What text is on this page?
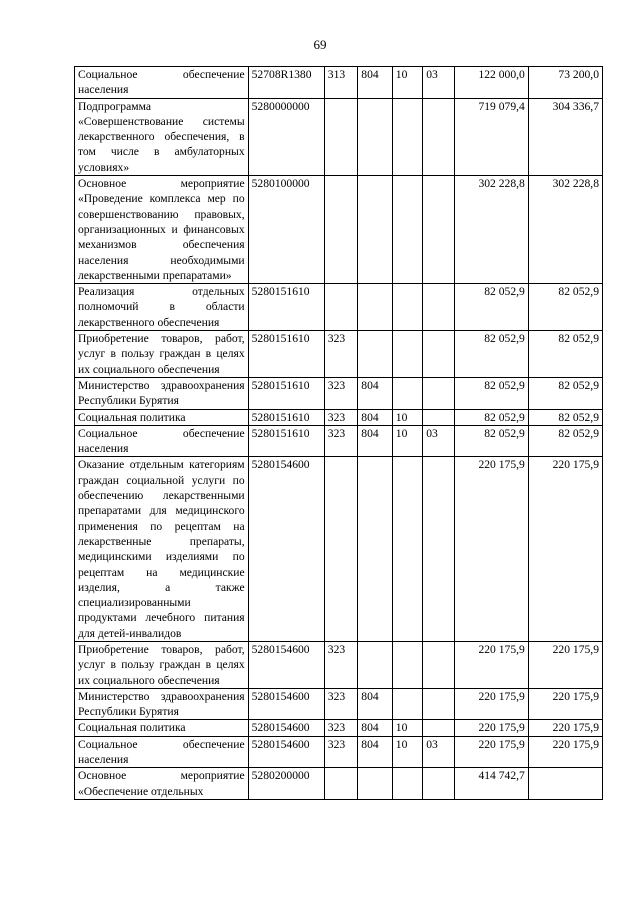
69
Социальное обеспечение населения	52708R1380	313	804	10	03	122 000,0	73 200,0
Подпрограмма «Совершенствование системы лекарственного обеспечения, в том числе в амбулаторных условиях»	5280000000					719 079,4	304 336,7
Основное мероприятие «Проведение комплекса мер по совершенствованию правовых, организационных и финансовых механизмов обеспечения населения необходимыми лекарственными препаратами»	5280100000					302 228,8	302 228,8
Реализация отдельных полномочий в области лекарственного обеспечения	5280151610					82 052,9	82 052,9
Приобретение товаров, работ, услуг в пользу граждан в целях их социального обеспечения	5280151610	323				82 052,9	82 052,9
Министерство здравоохранения Республики Бурятия	5280151610	323	804			82 052,9	82 052,9
Социальная политика	5280151610	323	804	10		82 052,9	82 052,9
Социальное обеспечение населения	5280151610	323	804	10	03	82 052,9	82 052,9
Оказание отдельным категориям граждан социальной услуги по обеспечению лекарственными препаратами для медицинского применения по рецептам на лекарственные препараты, медицинскими изделиями по рецептам на медицинские изделия, а также специализированными продуктами лечебного питания для детей-инвалидов	5280154600					220 175,9	220 175,9
Приобретение товаров, работ, услуг в пользу граждан в целях их социального обеспечения	5280154600	323				220 175,9	220 175,9
Министерство здравоохранения Республики Бурятия	5280154600	323	804			220 175,9	220 175,9
Социальная политика	5280154600	323	804	10		220 175,9	220 175,9
Социальное обеспечение населения	5280154600	323	804	10	03	220 175,9	220 175,9
Основное мероприятие «Обеспечение отдельных	5280200000					414 742,7	
